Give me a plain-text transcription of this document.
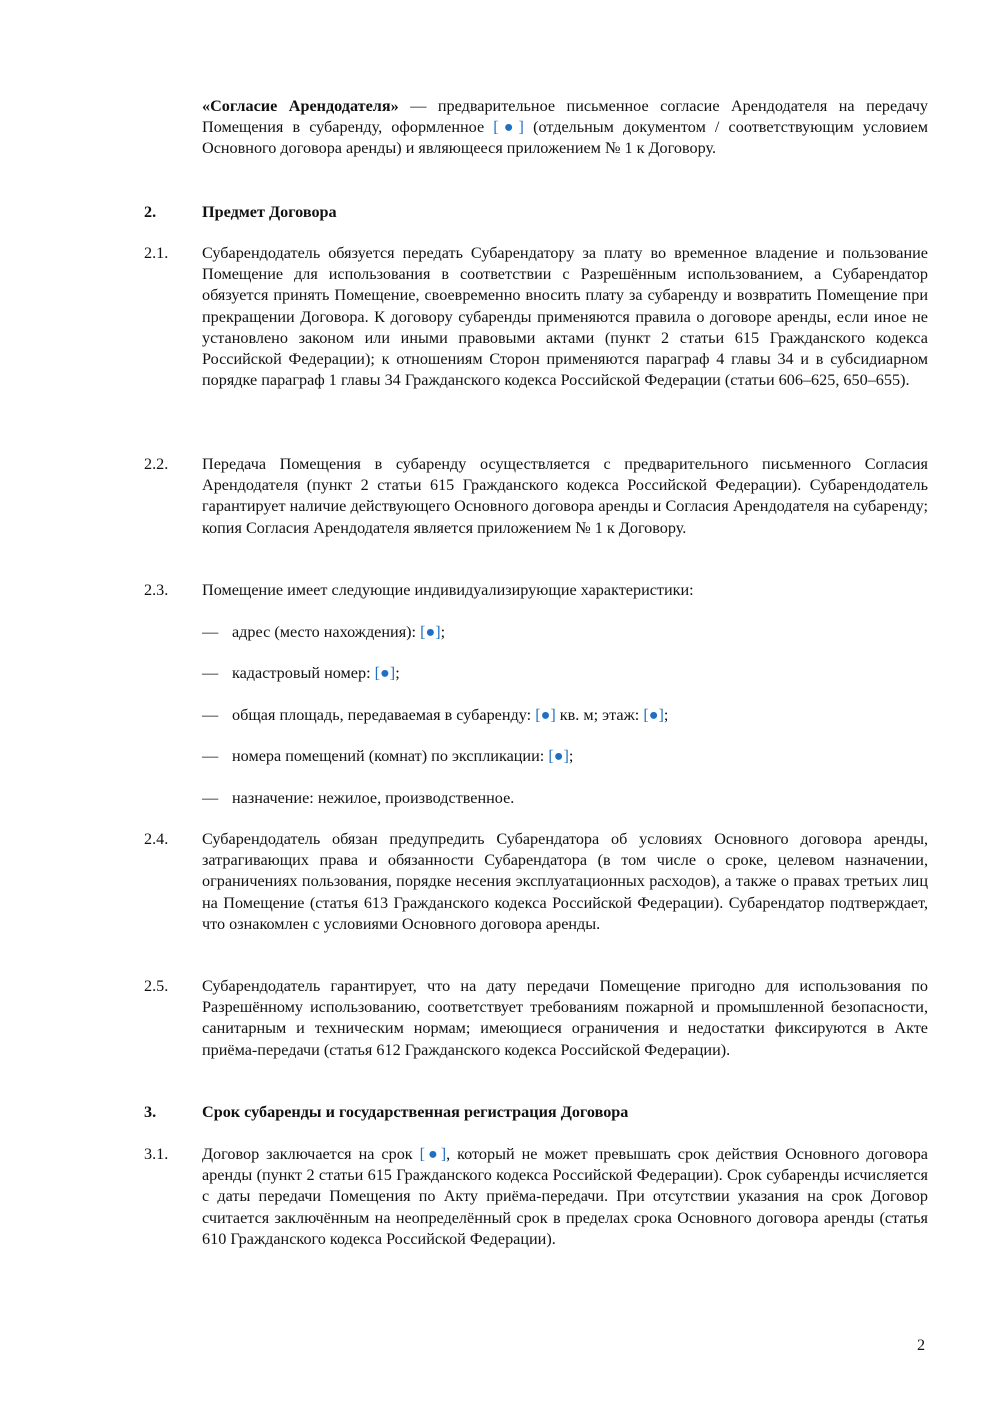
«Согласие Арендодателя» — предварительное письменное согласие Арендодателя на передачу Помещения в субаренду, оформленное [●] (отдельным документом / соответствующим условием Основного договора аренды) и являющееся приложением № 1 к Договору.
2.	Предмет Договора
2.1. Субарендодатель обязуется передать Субарендатору за плату во временное владение и пользование Помещение для использования в соответствии с Разрешённым использованием, а Субарендатор обязуется принять Помещение, своевременно вносить плату за субаренду и возвратить Помещение при прекращении Договора. К договору субаренды применяются правила о договоре аренды, если иное не установлено законом или иными правовыми актами (пункт 2 статьи 615 Гражданского кодекса Российской Федерации); к отношениям Сторон применяются параграф 4 главы 34 и в субсидиарном порядке параграф 1 главы 34 Гражданского кодекса Российской Федерации (статьи 606–625, 650–655).
2.2. Передача Помещения в субаренду осуществляется с предварительного письменного Согласия Арендодателя (пункт 2 статьи 615 Гражданского кодекса Российской Федерации). Субарендодатель гарантирует наличие действующего Основного договора аренды и Согласия Арендодателя на субаренду; копия Согласия Арендодателя является приложением № 1 к Договору.
2.3. Помещение имеет следующие индивидуализирующие характеристики:
— адрес (место нахождения): [●];
— кадастровый номер: [●];
— общая площадь, передаваемая в субаренду: [●] кв. м; этаж: [●];
— номера помещений (комнат) по экспликации: [●];
— назначение: нежилое, производственное.
2.4. Субарендодатель обязан предупредить Субарендатора об условиях Основного договора аренды, затрагивающих права и обязанности Субарендатора (в том числе о сроке, целевом назначении, ограничениях пользования, порядке несения эксплуатационных расходов), а также о правах третьих лиц на Помещение (статья 613 Гражданского кодекса Российской Федерации). Субарендатор подтверждает, что ознакомлен с условиями Основного договора аренды.
2.5. Субарендодатель гарантирует, что на дату передачи Помещение пригодно для использования по Разрешённому использованию, соответствует требованиям пожарной и промышленной безопасности, санитарным и техническим нормам; имеющиеся ограничения и недостатки фиксируются в Акте приёма-передачи (статья 612 Гражданского кодекса Российской Федерации).
3.	Срок субаренды и государственная регистрация Договора
3.1. Договор заключается на срок [●], который не может превышать срок действия Основного договора аренды (пункт 2 статьи 615 Гражданского кодекса Российской Федерации). Срок субаренды исчисляется с даты передачи Помещения по Акту приёма-передачи. При отсутствии указания на срок Договор считается заключённым на неопределённый срок в пределах срока Основного договора аренды (статья 610 Гражданского кодекса Российской Федерации).
2
